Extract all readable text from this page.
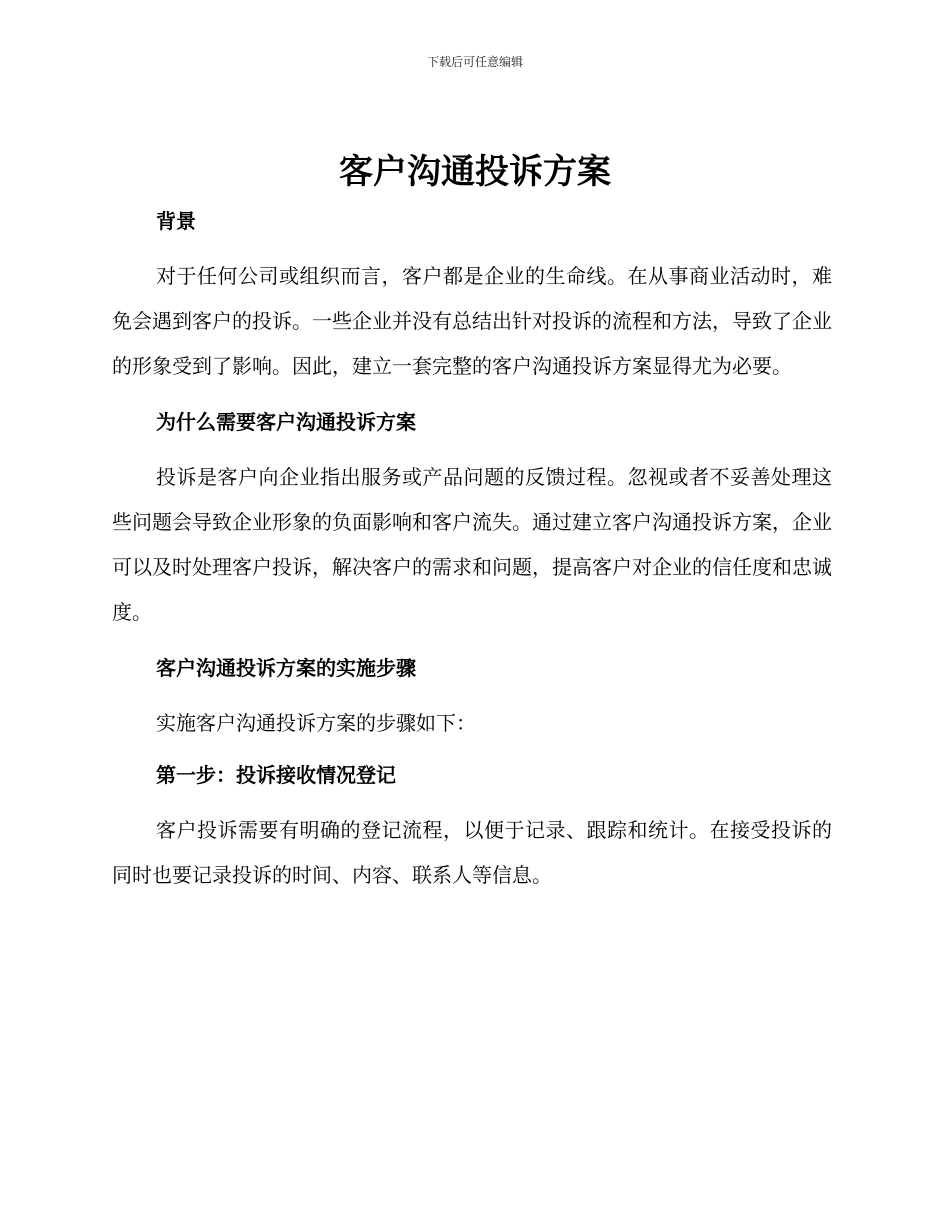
下载后可任意编辑
客户沟通投诉方案

背景

对于任何公司或组织而言，客户都是企业的生命线。在从事商业活动时，难免会遇到客户的投诉。一些企业并没有总结出针对投诉的流程和方法，导致了企业的形象受到了影响。因此，建立一套完整的客户沟通投诉方案显得尤为必要。

为什么需要客户沟通投诉方案

投诉是客户向企业指出服务或产品问题的反馈过程。忽视或者不妥善处理这些问题会导致企业形象的负面影响和客户流失。通过建立客户沟通投诉方案，企业可以及时处理客户投诉，解决客户的需求和问题，提高客户对企业的信任度和忠诚度。

客户沟通投诉方案的实施步骤

实施客户沟通投诉方案的步骤如下：

第一步：投诉接收情况登记

客户投诉需要有明确的登记流程，以便于记录、跟踪和统计。在接受投诉的同时也要记录投诉的时间、内容、联系人等信息。
